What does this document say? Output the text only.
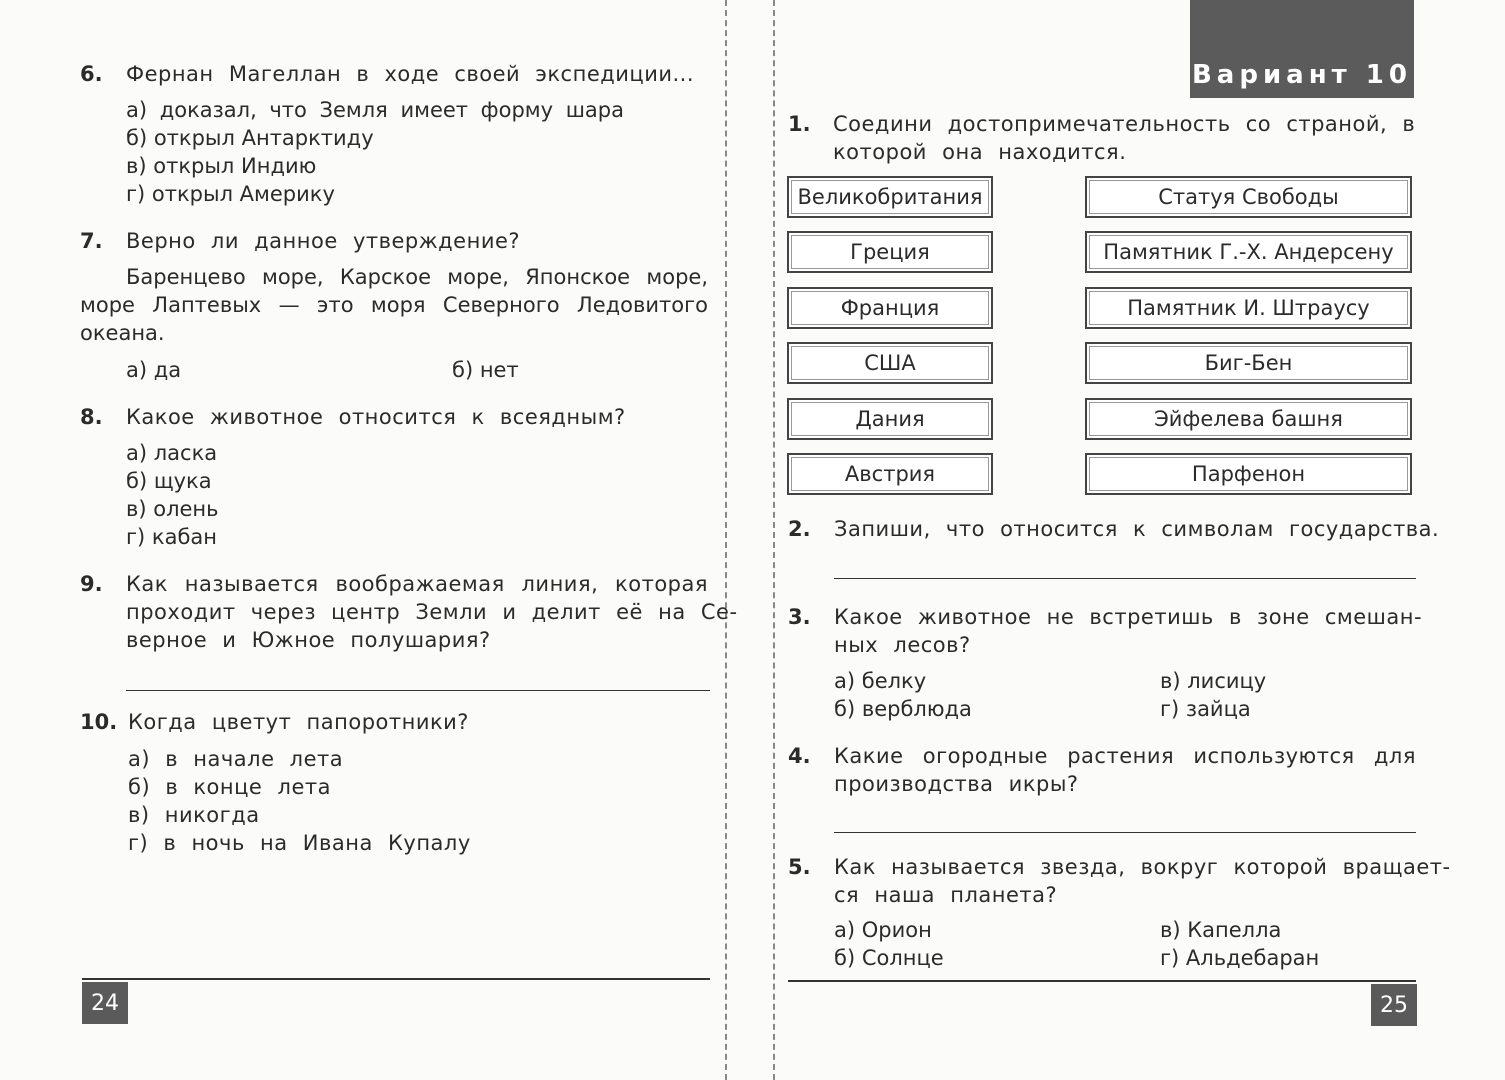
6. Фернан Магеллан в ходе своей экспедиции...
а) доказал, что Земля имеет форму шара
б) открыл Антарктиду
в) открыл Индию
г) открыл Америку
7. Верно ли данное утверждение?
Баренцево море, Карское море, Японское море,
море Лаптевых — это моря Северного Ледовитого
океана.
а) да	б) нет
8. Какое животное относится к всеядным?
а) ласка
б) щука
в) олень
г) кабан
9. Как называется воображаемая линия, которая
проходит через центр Земли и делит её на Се-
верное и Южное полушария?
10. Когда цветут папоротники?
а) в начале лета
б) в конце лета
в) никогда
г) в ночь на Ивана Купалу
24
Вариант 10
1. Соедини достопримечательность со страной, в
которой она находится.
Великобритания
Греция
Франция
США
Дания
Австрия
Статуя Свободы
Памятник Г.-Х. Андерсену
Памятник И. Штраусу
Биг-Бен
Эйфелева башня
Парфенон
2. Запиши, что относится к символам государства.
3. Какое животное не встретишь в зоне смешан-
ных лесов?
а) белку
б) верблюда
в) лисицу
г) зайца
4. Какие огородные растения используются для
производства икры?
5. Как называется звезда, вокруг которой вращает-
ся наша планета?
а) Орион
б) Солнце
в) Капелла
г) Альдебаран
25
